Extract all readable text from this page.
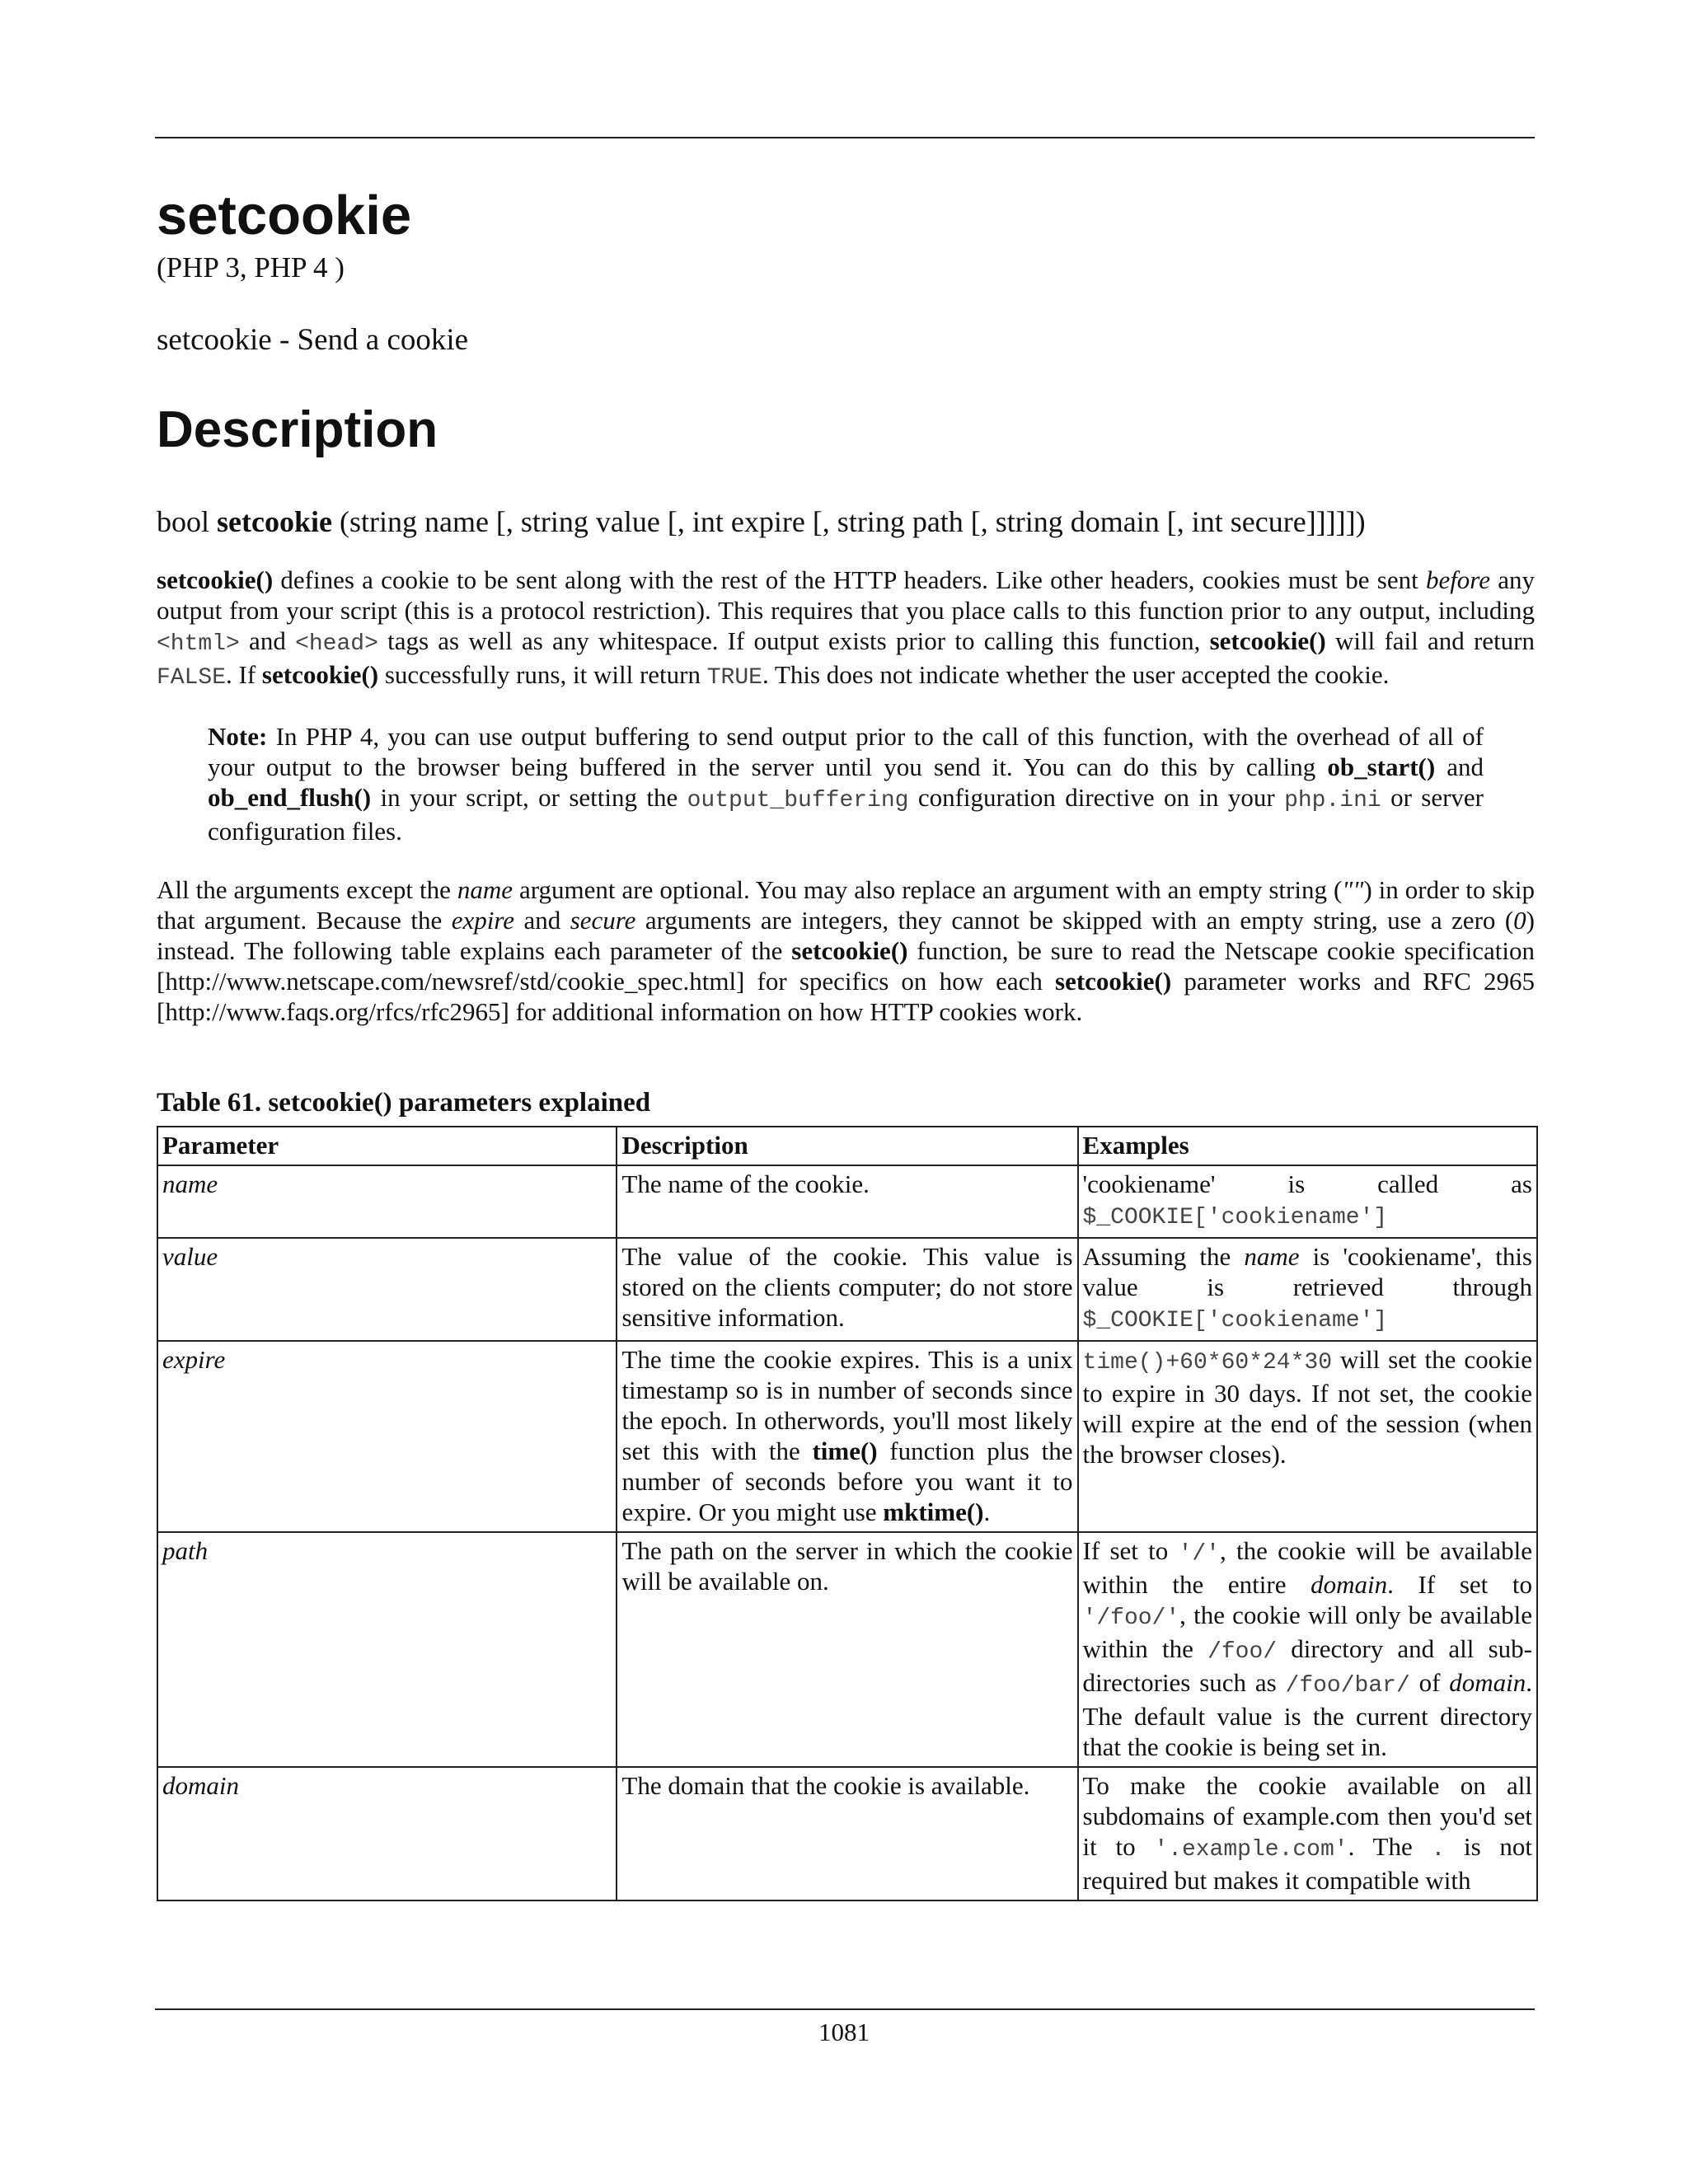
setcookie
(PHP 3, PHP 4 )
setcookie - Send a cookie
Description
bool setcookie (string name [, string value [, int expire [, string path [, string domain [, int secure]]]]])

setcookie() defines a cookie to be sent along with the rest of the HTTP headers. Like other headers, cookies must be sent before any output from your script (this is a protocol restriction). This requires that you place calls to this function prior to any output, including <html> and <head> tags as well as any whitespace. If output exists prior to calling this function, setcookie() will fail and return FALSE. If setcookie() successfully runs, it will return TRUE. This does not indicate whether the user accepted the cookie.

Note: In PHP 4, you can use output buffering to send output prior to the call of this function, with the overhead of all of your output to the browser being buffered in the server until you send it. You can do this by calling ob_start() and ob_end_flush() in your script, or setting the output_buffering configuration directive on in your php.ini or server configuration files.

All the arguments except the name argument are optional. You may also replace an argument with an empty string ("") in order to skip that argument. Because the expire and secure arguments are integers, they cannot be skipped with an empty string, use a zero (0) instead. The following table explains each parameter of the setcookie() function, be sure to read the Netscape cookie specification [http://www.netscape.com/newsref/std/cookie_spec.html] for specifics on how each setcookie() parameter works and RFC 2965 [http://www.faqs.org/rfcs/rfc2965] for additional information on how HTTP cookies work.

Table 61. setcookie() parameters explained
Parameter	Description	Examples
name	The name of the cookie.	'cookiename' is called as $_COOKIE['cookiename']
value	The value of the cookie. This value is stored on the clients computer; do not store sensitive information.	Assuming the name is 'cookiename', this value is retrieved through $_COOKIE['cookiename']
expire	The time the cookie expires. This is a unix timestamp so is in number of seconds since the epoch. In otherwords, you'll most likely set this with the time() function plus the number of seconds before you want it to expire. Or you might use mktime().	time()+60*60*24*30 will set the cookie to expire in 30 days. If not set, the cookie will expire at the end of the session (when the browser closes).
path	The path on the server in which the cookie will be available on.	If set to '/', the cookie will be available within the entire domain. If set to '/foo/', the cookie will only be available within the /foo/ directory and all sub-directories such as /foo/bar/ of domain. The default value is the current directory that the cookie is being set in.
domain	The domain that the cookie is available.	To make the cookie available on all subdomains of example.com then you'd set it to '.example.com'. The . is not required but makes it compatible with
1081
